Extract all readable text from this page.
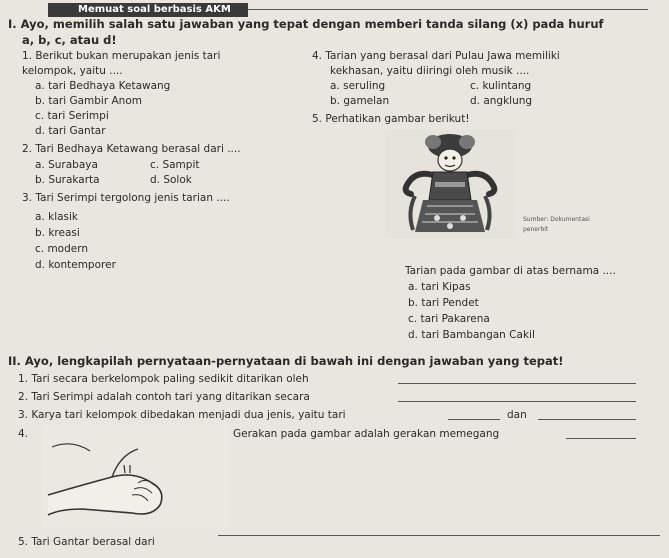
Memuat soal berbasis AKM
I. Ayo, memilih salah satu jawaban yang tepat dengan memberi tanda silang (x) pada huruf
a, b, c, atau d!
1. Berikut bukan merupakan jenis tari
kelompok, yaitu ....
a. tari Bedhaya Ketawang
b. tari Gambir Anom
c. tari Serimpi
d. tari Gantar
2. Tari Bedhaya Ketawang berasal dari ....
a. Surabaya	c. Sampit
b. Surakarta	d. Solok
3. Tari Serimpi tergolong jenis tarian ....
a. klasik
b. kreasi
c. modern
d. kontemporer
4. Tarian yang berasal dari Pulau Jawa memiliki
kekhasan, yaitu diiringi oleh musik ....
a. seruling	c. kulintang
b. gamelan	d. angklung
5. Perhatikan gambar berikut!
Sumber: Dokumentasi
penerbit
Tarian pada gambar di atas bernama ....
a. tari Kipas
b. tari Pendet
c. tari Pakarena
d. tari Bambangan Cakil
II. Ayo, lengkapilah pernyataan-pernyataan di bawah ini dengan jawaban yang tepat!
1. Tari secara berkelompok paling sedikit ditarikan oleh
2. Tari Serimpi adalah contoh tari yang ditarikan secara
3. Karya tari kelompok dibedakan menjadi dua jenis, yaitu tari	dan
4.	Gerakan pada gambar adalah gerakan memegang
5. Tari Gantar berasal dari
